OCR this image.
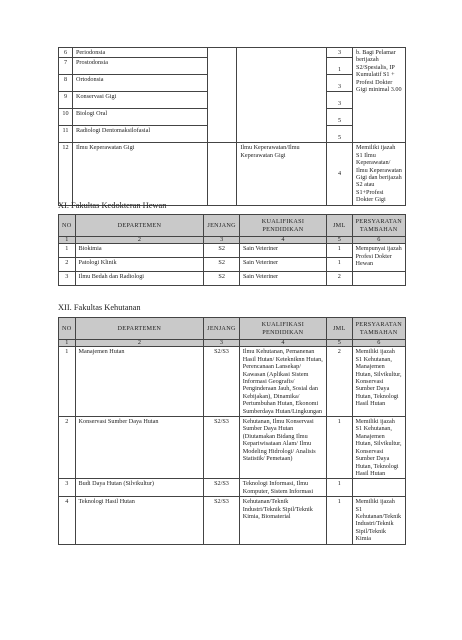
6	Periodonsia			3	b. Bagi Pelamar berijazah S2/Spesialis, IP Kumulatif S1 + Profesi Dokter Gigi minimal 3.00
7	Prostodonsia			1	
8	Ortodonsia			3	
9	Konservasi Gigi			3	
10	Biologi Oral			5	
11	Radiologi Dentomaksilofasial			5	
12	Ilmu Keperawatan Gigi		Ilmu Keperawatan/Ilmu Keperawatan Gigi	4	Memiliki ijazah S1 Ilmu Keperawatan/ Ilmu Keperawatan Gigi dan berijazah S2 atau S1+Profesi Dokter Gigi
XI. Fakultas Kedokteran Hewan
NO	DEPARTEMEN	JENJANG	KUALIFIKASI PENDIDIKAN	JML	PERSYARATAN TAMBAHAN
1	2	3	4	5	6
1	Biokimia	S2	Sain Veteriner	1	Mempunyai ijazah Profesi Dokter Hewan
2	Patologi Klinik	S2	Sain Veteriner	1	
3	Ilmu Bedah dan Radiologi	S2	Sain Veteriner	2	
XII. Fakultas Kehutanan
NO	DEPARTEMEN	JENJANG	KUALIFIKASI PENDIDIKAN	JML	PERSYARATAN TAMBAHAN
1	2	3	4	5	6
1	Manajemen Hutan	S2/S3	Ilmu Kehutanan, Pemanenan Hasil Hutan/ Ketekniknn Hutan, Perencanaan Lansekap/ Kawasan (Aplikasi Sistem Informasi Geografis/ Penginderaan Jauh, Sosial dan Kebijakan), Dinamika/ Pertumbuhan Hutan, Ekonomi Sumberdaya Hutan/Lingkungan	2	Memiliki ijazah S1 Kehutanan, Manajemen Hutan, Silvikultur, Konservasi Sumber Daya Hutan, Teknologi Hasil Hutan
2	Konservasi Sumber Daya Hutan	S2/S3	Kehutanan, Ilmu Konservasi Sumber Daya Hutan (Diutamakan Bidang Ilmu Kepariwisataan Alam/ Ilmu Modeling Hidrologi/ Analisis Statistik/ Pemetaan)	1	Memiliki ijazah S1 Kehutanan, Manajemen Hutan, Silvikultur, Konservasi Sumber Daya Hutan, Teknologi Hasil Hutan
3	Budi Daya Hutan (Silvikultur)	S2/S3	Teknologi Informasi, Ilmu Komputer, Sistem Informasi	1	
4	Teknologi Hasil Hutan	S2/S3	Kehutanan/Teknik Industri/Teknik Sipil/Teknik Kimia, Biomaterial	1	Memiliki ijazah S1 Kehutanan/Teknik Industri/Teknik Sipil/Teknik Kimia
